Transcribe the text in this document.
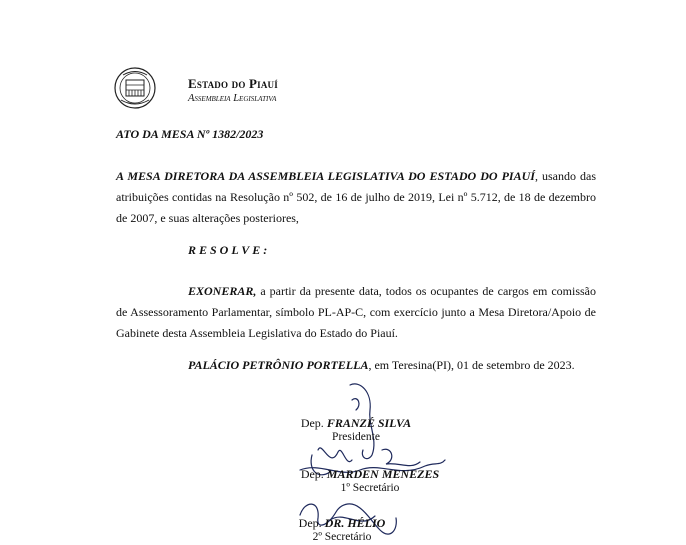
Estado do Piauí
Assembleia Legislativa
ATO DA MESA Nº 1382/2023
A MESA DIRETORA DA ASSEMBLEIA LEGISLATIVA DO ESTADO DO PIAUÍ, usando das atribuições contidas na Resolução nº 502, de 16 de julho de 2019, Lei nº 5.712, de 18 de dezembro de 2007, e suas alterações posteriores,
RESOLVE:
EXONERAR, a partir da presente data, todos os ocupantes de cargos em comissão de Assessoramento Parlamentar, símbolo PL-AP-C, com exercício junto a Mesa Diretora/Apoio de Gabinete desta Assembleia Legislativa do Estado do Piauí.
PALÁCIO PETRÔNIO PORTELLA, em Teresina(PI), 01 de setembro de 2023.
Dep. FRANZÉ SILVA
Presidente
Dep. MARDEN MENEZES
1º Secretário
Dep. DR. HÉLIO
2º Secretário
